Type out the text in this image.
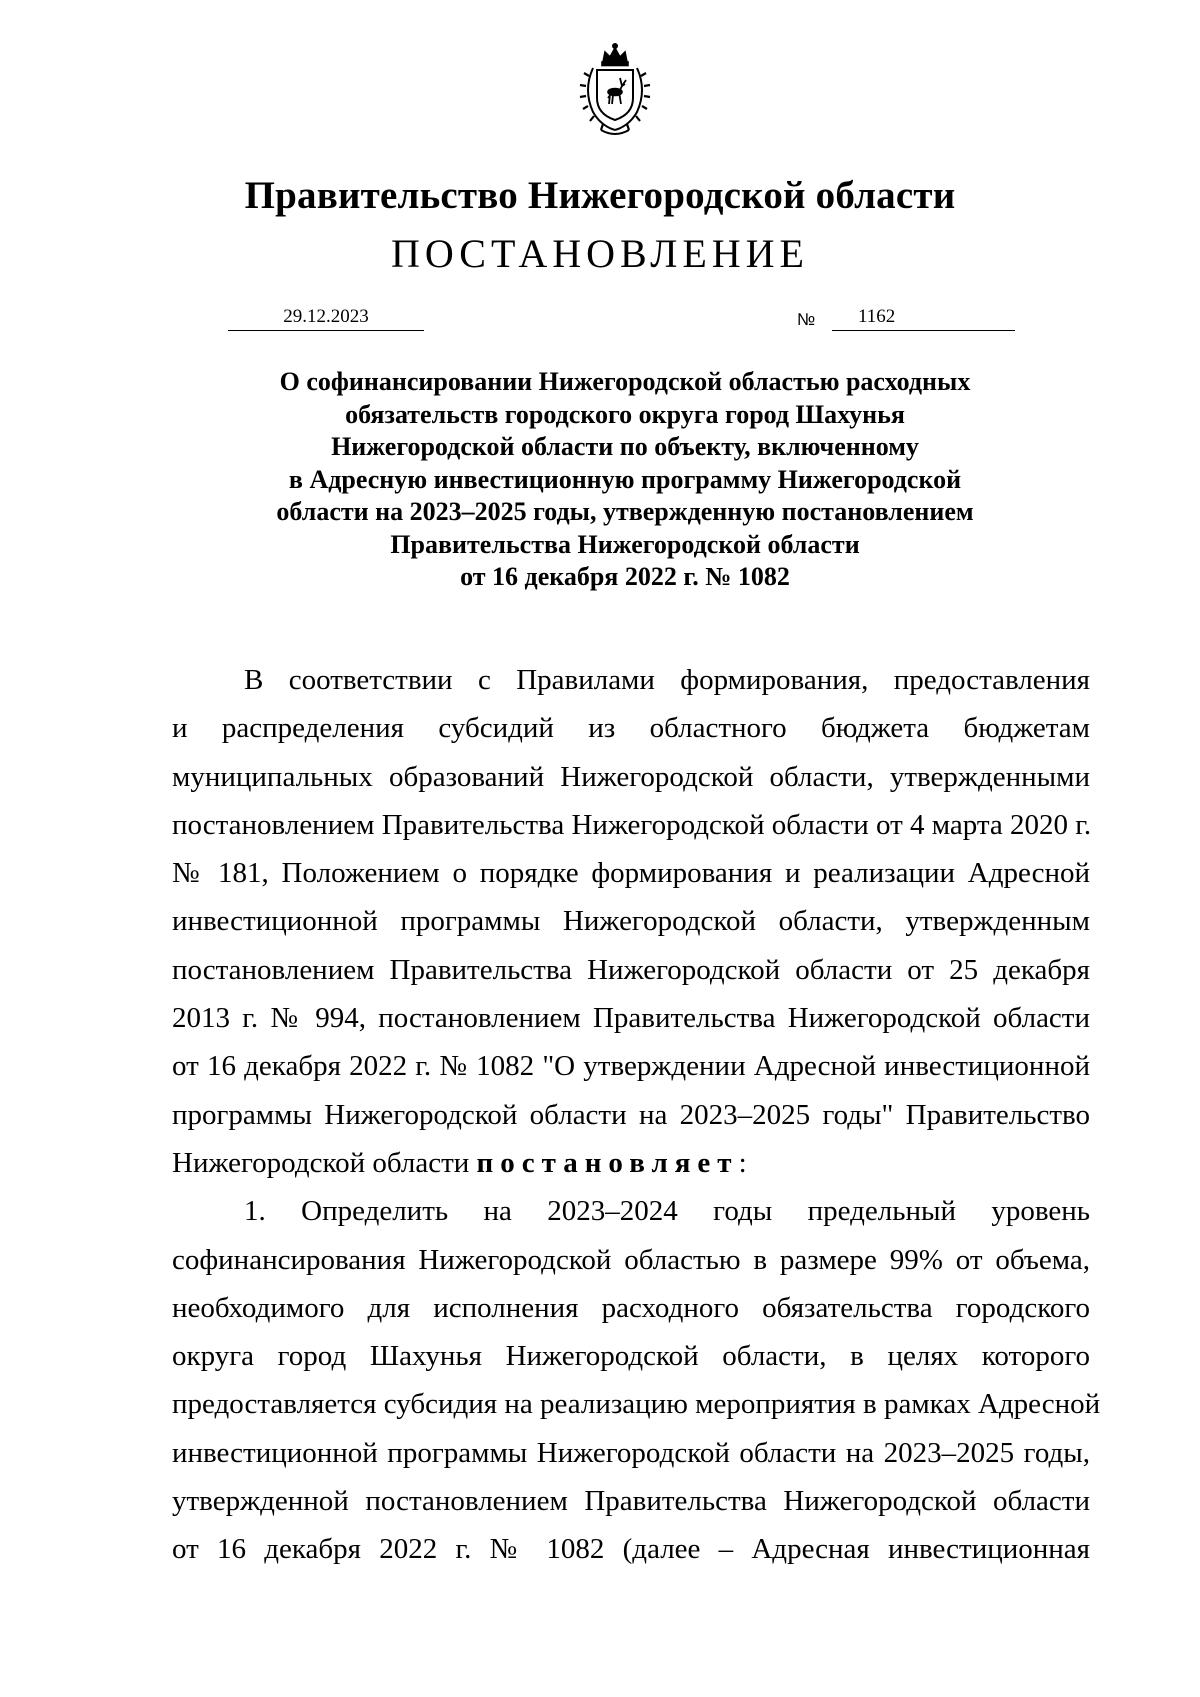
Правительство Нижегородской области
ПОСТАНОВЛЕНИЕ
29.12.2023	№	1162

О софинансировании Нижегородской областью расходных
обязательств городского округа город Шахунья
Нижегородской области по объекту, включенному
в Адресную инвестиционную программу Нижегородской
области на 2023–2025 годы, утвержденную постановлением
Правительства Нижегородской области
от 16 декабря 2022 г. № 1082

В соответствии с Правилами формирования, предоставления
и распределения субсидий из областного бюджета бюджетам
муниципальных образований Нижегородской области, утвержденными
постановлением Правительства Нижегородской области от 4 марта 2020 г.
№ 181, Положением о порядке формирования и реализации Адресной
инвестиционной программы Нижегородской области, утвержденным
постановлением Правительства Нижегородской области от 25 декабря
2013 г. № 994, постановлением Правительства Нижегородской области
от 16 декабря 2022 г. № 1082 "О утверждении Адресной инвестиционной
программы Нижегородской области на 2023–2025 годы" Правительство
Нижегородской области постановляет:
1. Определить на 2023–2024 годы предельный уровень
софинансирования Нижегородской областью в размере 99% от объема,
необходимого для исполнения расходного обязательства городского
округа город Шахунья Нижегородской области, в целях которого
предоставляется субсидия на реализацию мероприятия в рамках Адресной
инвестиционной программы Нижегородской области на 2023–2025 годы,
утвержденной постановлением Правительства Нижегородской области
от 16 декабря 2022 г. № 1082 (далее – Адресная инвестиционная
